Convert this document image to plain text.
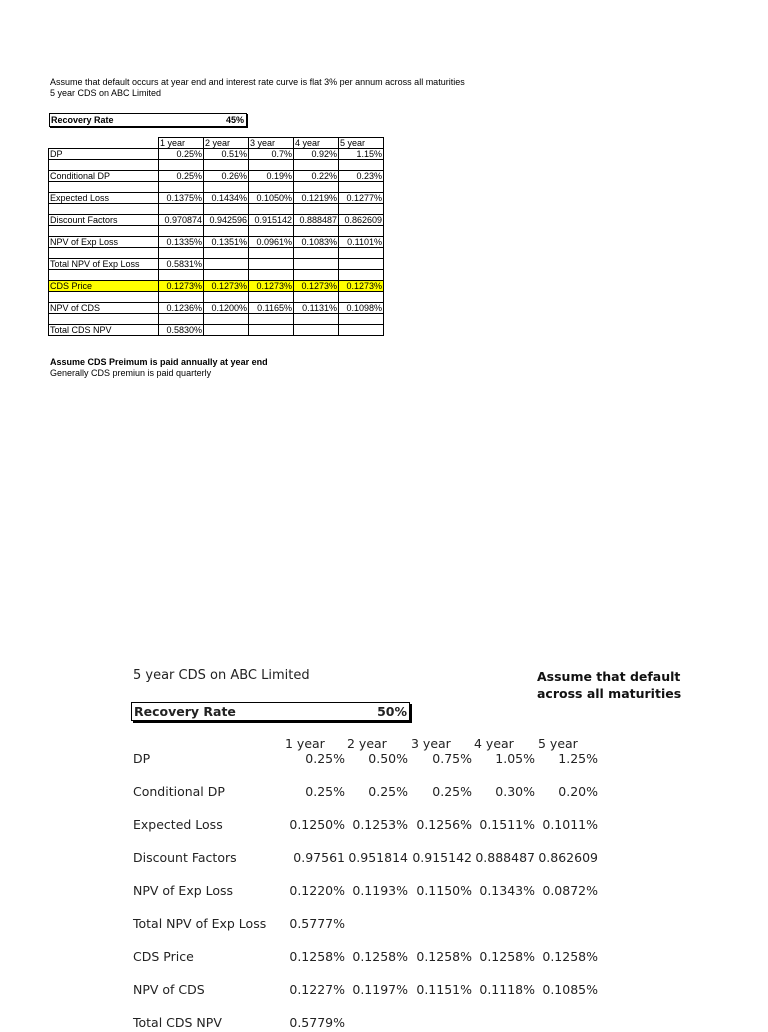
Assume that default occurs at year end and interest rate curve is flat 3% per annum across all maturities
5 year CDS on ABC Limited
Recovery Rate	45%
	1 year	2 year	3 year	4 year	5 year
DP	0.25%	0.51%	0.7%	0.92%	1.15%

Conditional DP	0.25%	0.26%	0.19%	0.22%	0.23%

Expected Loss	0.1375%	0.1434%	0.1050%	0.1219%	0.1277%

Discount Factors	0.970874	0.942596	0.915142	0.888487	0.862609

NPV of Exp Loss	0.1335%	0.1351%	0.0961%	0.1083%	0.1101%

Total NPV of Exp Loss	0.5831%				

CDS Price	0.1273%	0.1273%	0.1273%	0.1273%	0.1273%

NPV of CDS	0.1236%	0.1200%	0.1165%	0.1131%	0.1098%

Total CDS NPV	0.5830%				
Assume CDS Preimum is paid annually at year end
Generally CDS premiun is paid quarterly
5 year CDS on ABC Limited	Assume that default
across all maturities
Recovery Rate	50%
1 year 2 year 3 year 4 year 5 year
DP	0.25% 0.50% 0.75% 1.05% 1.25%
Conditional DP	0.25% 0.25% 0.25% 0.30% 0.20%
Expected Loss	0.1250% 0.1253% 0.1256% 0.1511% 0.1011%
Discount Factors	0.97561 0.951814 0.915142 0.888487 0.862609
NPV of Exp Loss	0.1220% 0.1193% 0.1150% 0.1343% 0.0872%
Total NPV of Exp Loss 0.5777%
CDS Price	0.1258% 0.1258% 0.1258% 0.1258% 0.1258%
NPV of CDS	0.1227% 0.1197% 0.1151% 0.1118% 0.1085%
Total CDS NPV	0.5779%
